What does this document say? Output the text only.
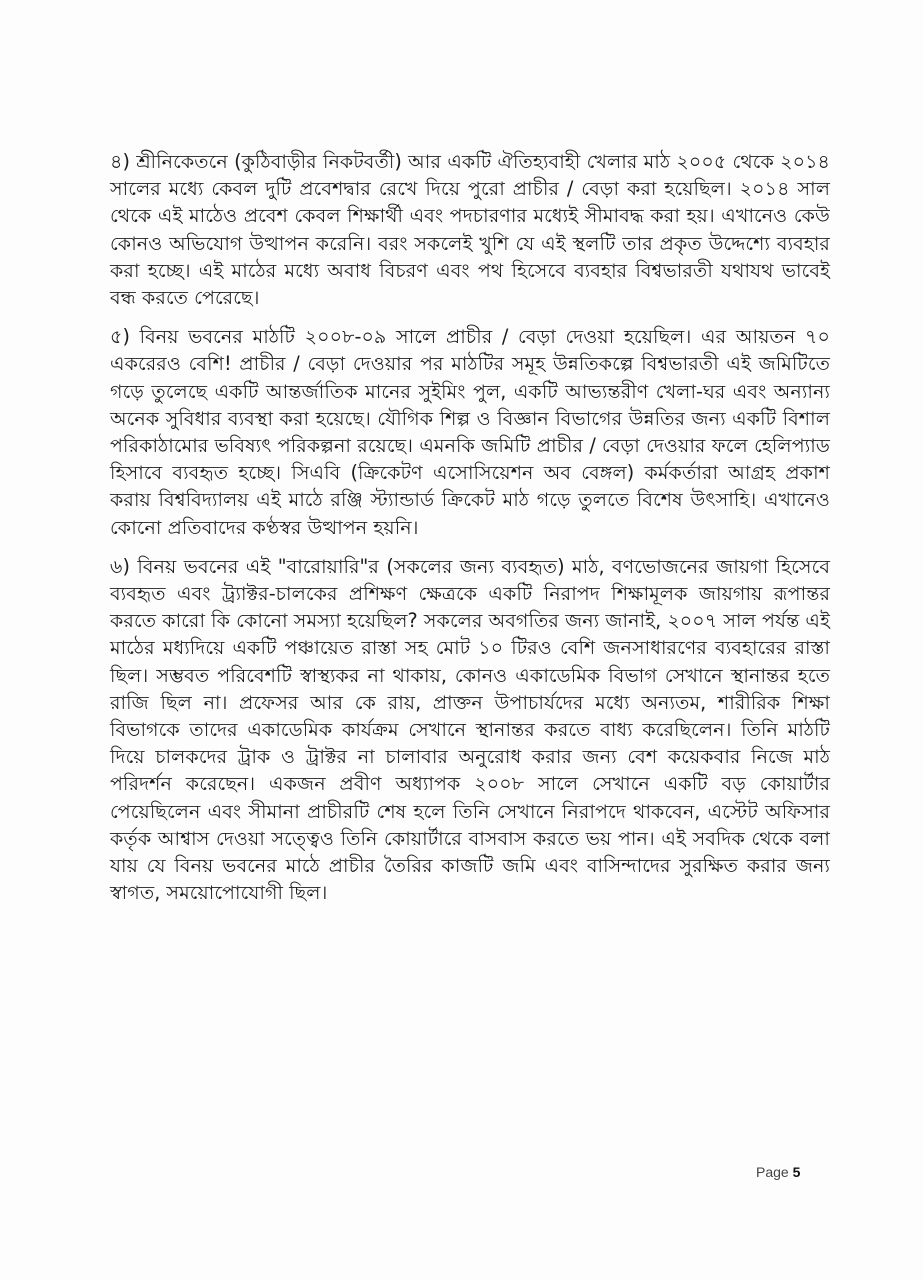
৪) শ্রীনিকেতনে (কুঠিবাড়ীর নিকটবর্তী) আর একটি ঐতিহ্যবাহী খেলার মাঠ ২০০৫ থেকে ২০১৪ সালের মধ্যে কেবল দুটি প্রবেশদ্বার রেখে দিয়ে পুরো প্রাচীর / বেড়া করা হয়েছিল। ২০১৪ সাল থেকে এই মাঠেও প্রবেশ কেবল শিক্ষার্থী এবং পদচারণার মধ্যেই সীমাবদ্ধ করা হয়। এখানেও কেউ কোনও অভিযোগ উত্থাপন করেনি। বরং সকলেই খুশি যে এই স্থলটি তার প্রকৃত উদ্দেশ্যে ব্যবহার করা হচ্ছে। এই মাঠের মধ্যে অবাধ বিচরণ এবং পথ হিসেবে ব্যবহার বিশ্বভারতী যথাযথ ভাবেই বন্ধ করতে পেরেছে।

৫) বিনয় ভবনের মাঠটি ২০০৮-০৯ সালে প্রাচীর / বেড়া দেওয়া হয়েছিল। এর আয়তন ৭০ একরেরও বেশি! প্রাচীর / বেড়া দেওয়ার পর মাঠটির সমূহ উন্নতিকল্পে বিশ্বভারতী এই জমিটিতে গড়ে তুলেছে একটি আন্তর্জাতিক মানের সুইমিং পুল, একটি আভ্যন্তরীণ খেলা-ঘর এবং অন্যান্য অনেক সুবিধার ব্যবস্থা করা হয়েছে। যৌগিক শিল্প ও বিজ্ঞান বিভাগের উন্নতির জন্য একটি বিশাল পরিকাঠামোর ভবিষ্যৎ পরিকল্পনা রয়েছে। এমনকি জমিটি প্রাচীর / বেড়া দেওয়ার ফলে হেলিপ্যাড হিসাবে ব্যবহৃত হচ্ছে। সিএবি (ক্রিকেটণ এসোসিয়েশন অব বেঙ্গল) কর্মকর্তারা আগ্রহ প্রকাশ করায় বিশ্ববিদ্যালয় এই মাঠে রঞ্জি স্ট্যান্ডার্ড ক্রিকেট মাঠ গড়ে তুলতে বিশেষ উৎসাহি। এখানেও কোনো প্রতিবাদের কণ্ঠস্বর উত্থাপন হয়নি।

৬) বিনয় ভবনের এই "বারোয়ারি"র (সকলের জন্য ব্যবহৃত) মাঠ, বণভোজনের জায়গা হিসেবে ব্যবহৃত এবং ট্র্যাক্টর-চালকের প্রশিক্ষণ ক্ষেত্রকে একটি নিরাপদ শিক্ষামূলক জায়গায় রূপান্তর করতে কারো কি কোনো সমস্যা হয়েছিল? সকলের অবগতির জন্য জানাই, ২০০৭ সাল পর্যন্ত এই মাঠের মধ্যদিয়ে একটি পঞ্চায়েত রাস্তা সহ মোট ১০ টিরও বেশি জনসাধারণের ব্যবহারের রাস্তা ছিল। সম্ভবত পরিবেশটি স্বাস্থ্যকর না থাকায়, কোনও একাডেমিক বিভাগ সেখানে স্থানান্তর হতে রাজি ছিল না। প্রফেসর আর কে রায়, প্রাক্তন উপাচার্যদের মধ্যে অন্যতম, শারীরিক শিক্ষা বিভাগকে তাদের একাডেমিক কার্যক্রম সেখানে স্থানান্তর করতে বাধ্য করেছিলেন। তিনি মাঠটি দিয়ে চালকদের ট্রাক ও ট্রাক্টর না চালাবার অনুরোধ করার জন্য বেশ কয়েকবার নিজে মাঠ পরিদর্শন করেছেন। একজন প্রবীণ অধ্যাপক ২০০৮ সালে সেখানে একটি বড় কোয়ার্টার পেয়েছিলেন এবং সীমানা প্রাচীরটি শেষ হলে তিনি সেখানে নিরাপদে থাকবেন, এস্টেট অফিসার কর্তৃক আশ্বাস দেওয়া সত্ত্বেও তিনি কোয়ার্টারে বাসবাস করতে ভয় পান। এই সবদিক থেকে বলা যায় যে বিনয় ভবনের মাঠে প্রাচীর তৈরির কাজটি জমি এবং বাসিন্দাদের সুরক্ষিত করার জন্য স্বাগত, সময়োপোযোগী ছিল।

Page 5
